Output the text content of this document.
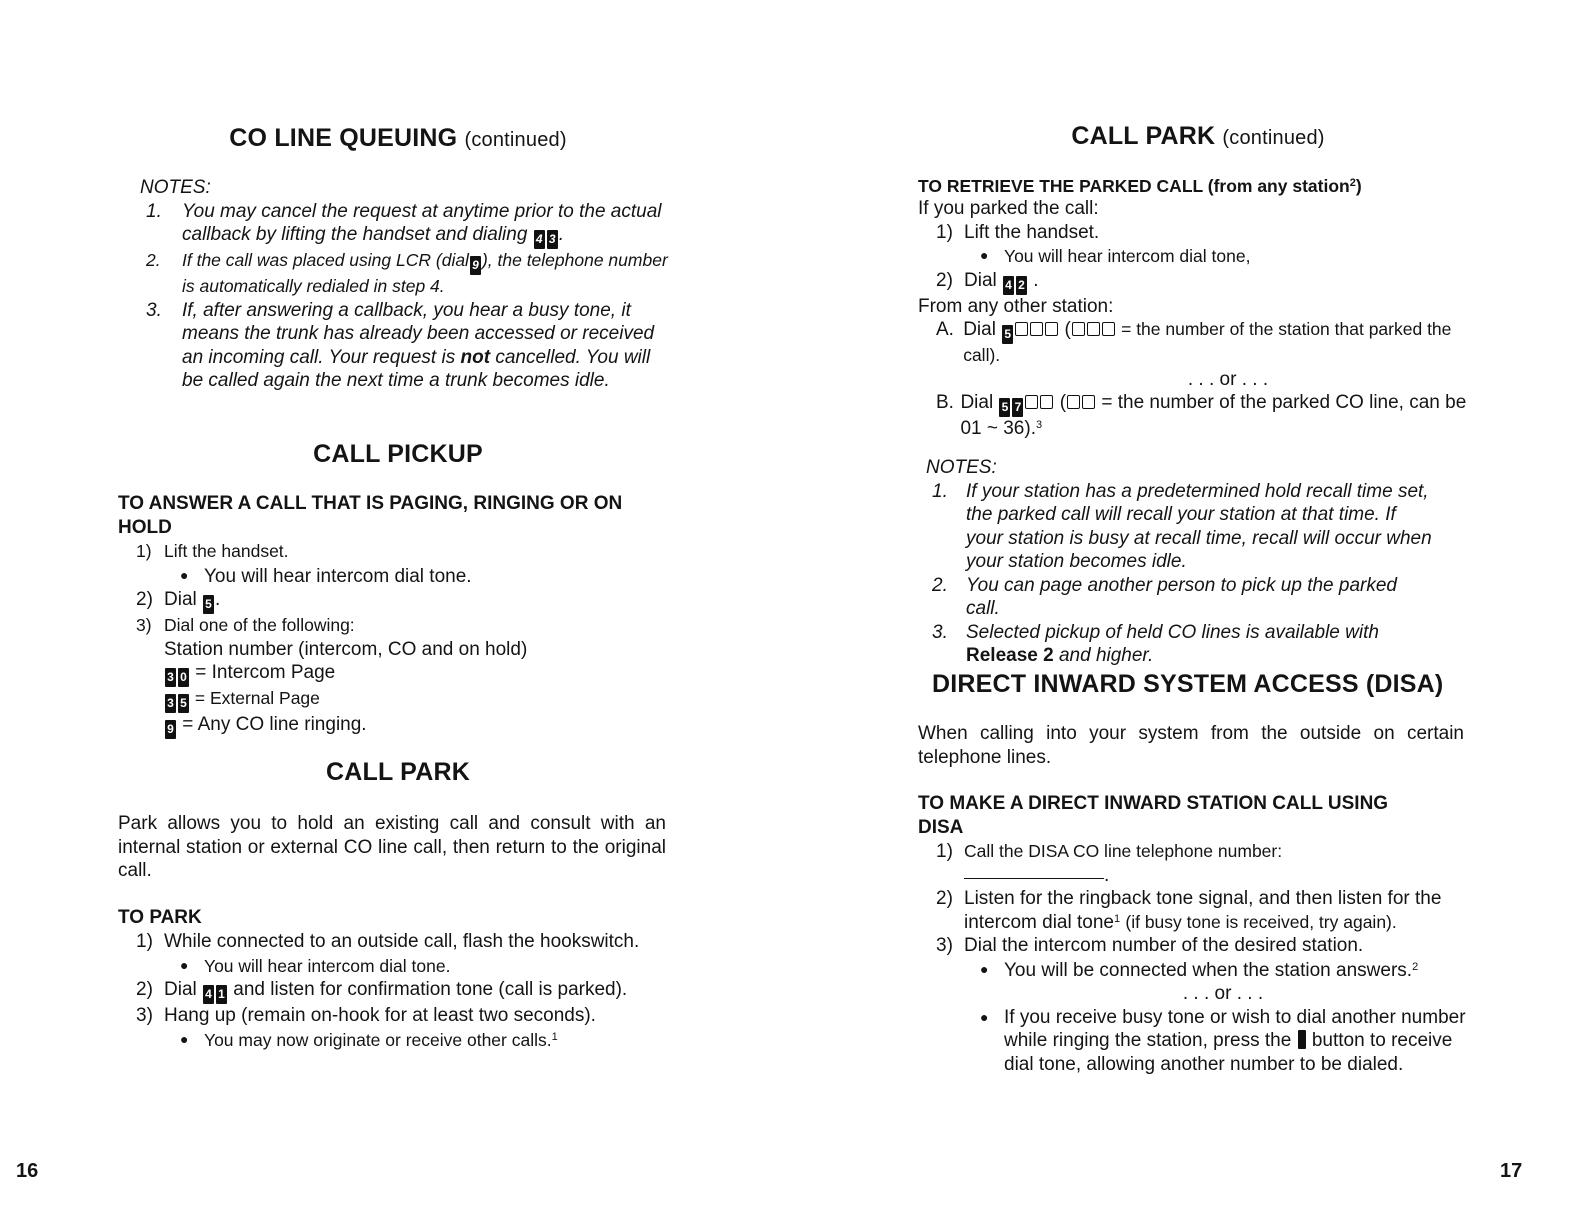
CO LINE QUEUING (continued)
NOTES:
1.	You may cancel the request at anytime prior to the actual callback by lifting the handset and dialing 4 3 .
2.	If the call was placed using LCR (dial 9 ), the telephone number is automatically redialed in step 4.
3.	If, after answering a callback, you hear a busy tone, it means the trunk has already been accessed or received an incoming call. Your request is not cancelled. You will be called again the next time a trunk becomes idle.
CALL PICKUP
TO ANSWER A CALL THAT IS PAGING, RINGING OR ON HOLD
1) Lift the handset.
● You will hear intercom dial tone.
2) Dial 5 .
3) Dial one of the following:
Station number (intercom, CO and on hold)
3 0 = Intercom Page
3 5 = External Page
9 = Any CO line ringing.
CALL PARK
Park allows you to hold an existing call and consult with an internal station or external CO line call, then return to the original call.
TO PARK
1) While connected to an outside call, flash the hookswitch.
● You will hear intercom dial tone.
2) Dial 4 1 and listen for confirmation tone (call is parked).
3) Hang up (remain on-hook for at least two seconds).
● You may now originate or receive other calls.$^1$
16
CALL PARK (continued)
TO RETRIEVE THE PARKED CALL (from any station$^2$)
If you parked the call:
1) Lift the handset.
● You will hear intercom dial tone,
2) Dial 4 2 .
From any other station:
A. Dial 5	(	= the number of the station that parked the call).
. . . or . . .
B. Dial 5 7 ( = the number of the parked CO line, can be 01 ~ 36).$^3$
NOTES:
1. If your station has a predetermined hold recall time set, the parked call will recall your station at that time. If your station is busy at recall time, recall will occur when your station becomes idle.
2. You can page another person to pick up the parked call.
3. Selected pickup of held CO lines is available with Release 2 and higher.
DIRECT INWARD SYSTEM ACCESS (DISA)
When calling into your system from the outside on certain telephone lines.
TO MAKE A DIRECT INWARD STATION CALL USING DISA
1) Call the DISA CO line telephone number:
.
2) Listen for the ringback tone signal, and then listen for the intercom dial tone$^1$ (if busy tone is received, try again).
3) Dial the intercom number of the desired station.
● You will be connected when the station answers.$^2$
. . . or . . .
● If you receive busy tone or wish to dial another number while ringing the station, press the button to receive dial tone, allowing another number to be dialed.
17
